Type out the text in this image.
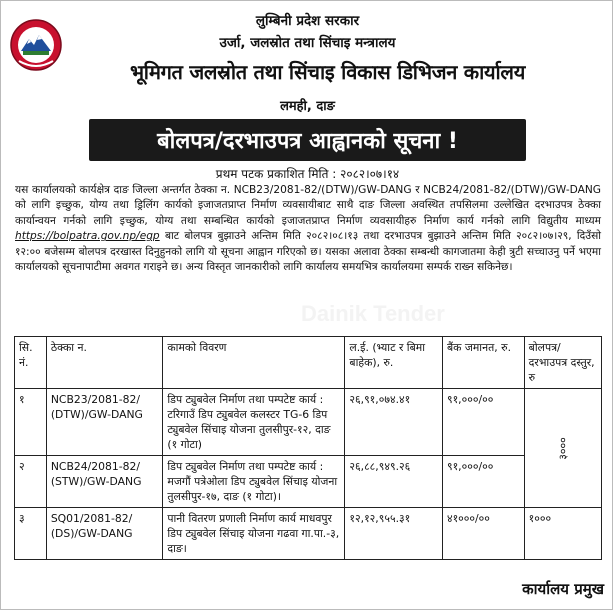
लुम्बिनी प्रदेश सरकार
उर्जा, जलस्रोत तथा सिंचाइ मन्त्रालय
भूमिगत जलस्रोत तथा सिंचाइ विकास डिभिजन कार्यालय
लमही, दाङ
बोलपत्र/दरभाउपत्र आह्वानको सूचना !
प्रथम पटक प्रकाशित मिति : २०८२।०७।१४
यस कार्यालयको कार्यक्षेत्र दाङ जिल्ला अन्तर्गत ठेक्का न. NCB23/2081-82/(DTW)/GW-DANG र NCB24/2081-82/(DTW)/GW-DANG को लागि इच्छुक, योग्य तथा ड्रिलिंग कार्यको इजाजतप्राप्त निर्माण व्यवसायीबाट साथै दाङ जिल्ला अवस्थित तपसिलमा उल्लेखित दरभाउपत्र ठेक्का कार्यान्वयन गर्नको लागि इच्छुक, योग्य तथा सम्बन्धित कार्यको इजाजतप्राप्त निर्माण व्यवसायीहरु निर्माण कार्य गर्नको लागि विद्युतीय माध्यम https://bolpatra.gov.np/egp बाट बोलपत्र बुझाउने अन्तिम मिति २०८२।०८।१३ तथा दरभाउपत्र बुझाउने अन्तिम मिति २०८२।०७।२९, दिउँसो १२:०० बजेसम्म बोलपत्र दरखास्त दिनुहुनको लागि यो सूचना आह्वान गरिएको छ। यसका अलावा ठेक्का सम्बन्धी कागजातमा केही त्रुटी सच्चाउनु पर्ने भएमा कार्यालयको सूचनापाटीमा अवगत गराइने छ। अन्य विस्तृत जानकारीको लागि कार्यालय समयभित्र कार्यालयमा सम्पर्क राख्न सकिनेछ।
Dainik Tender
सि. नं.	ठेक्का न.	कामको विवरण	ल.ई. (भ्याट र बिमा बाहेक), रु.	बैंक जमानत, रु.	बोलपत्र/ दरभाउपत्र दस्तुर, रु
१	NCB23/2081-82/ (DTW)/GW-DANG	डिप ट्युबवेल निर्माण तथा पम्पटेष्ट कार्य : टरिगाउँ डिप ट्युबवेल कलस्टर TG-6 डिप ट्युबवेल सिंचाइ योजना तुलसीपुर-१२, दाङ (१ गोटा)	२६,९१,०७४.४१	९१,०००/००	३०००
२	NCB24/2081-82/ (STW)/GW-DANG	डिप ट्युबवेल निर्माण तथा पम्पटेष्ट कार्य : मजगौं पत्रेओला डिप ट्युबवेल सिंचाइ योजना तुलसीपुर-१७, दाङ (१ गोटा)।	२६,८८,९४९.२६	९१,०००/००	
३	SQ01/2081-82/ (DS)/GW-DANG	पानी वितरण प्रणाली निर्माण कार्य माधवपुर डिप ट्युबवेल सिंचाइ योजना गढवा गा.पा.-३, दाङ।	१२,१२,९५५.३१	४१०००/००	१०००
कार्यालय प्रमुख
